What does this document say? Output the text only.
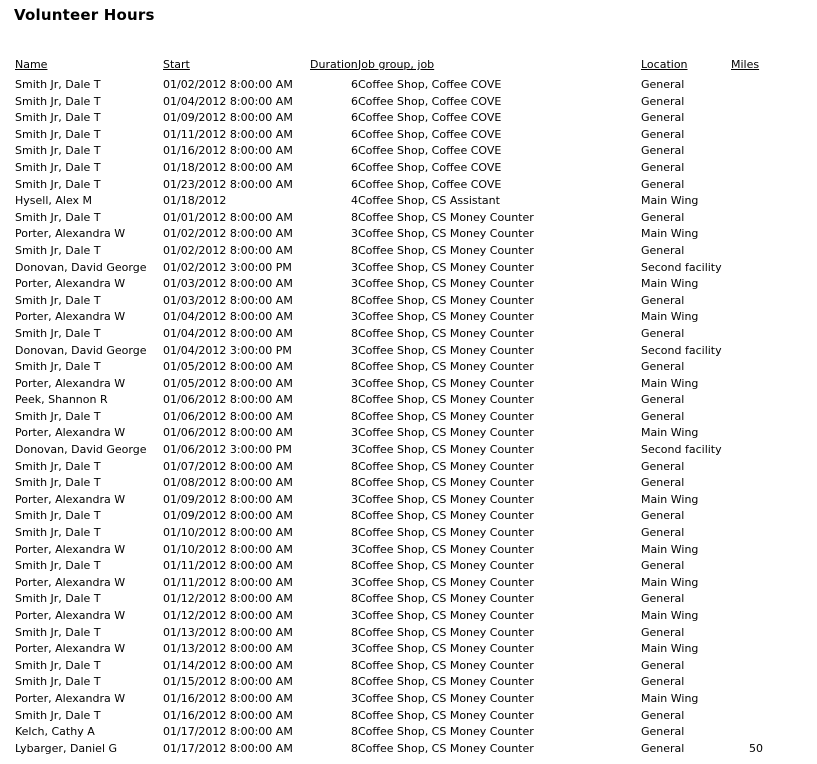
Volunteer Hours
Name	Start	Duration	Job group, job	Location	Miles
Smith Jr, Dale T	01/02/2012 8:00:00 AM	6	Coffee Shop, Coffee COVE	General	
Smith Jr, Dale T	01/04/2012 8:00:00 AM	6	Coffee Shop, Coffee COVE	General	
Smith Jr, Dale T	01/09/2012 8:00:00 AM	6	Coffee Shop, Coffee COVE	General	
Smith Jr, Dale T	01/11/2012 8:00:00 AM	6	Coffee Shop, Coffee COVE	General	
Smith Jr, Dale T	01/16/2012 8:00:00 AM	6	Coffee Shop, Coffee COVE	General	
Smith Jr, Dale T	01/18/2012 8:00:00 AM	6	Coffee Shop, Coffee COVE	General	
Smith Jr, Dale T	01/23/2012 8:00:00 AM	6	Coffee Shop, Coffee COVE	General	
Hysell, Alex M	01/18/2012	4	Coffee Shop, CS Assistant	Main Wing	
Smith Jr, Dale T	01/01/2012 8:00:00 AM	8	Coffee Shop, CS Money Counter	General	
Porter, Alexandra W	01/02/2012 8:00:00 AM	3	Coffee Shop, CS Money Counter	Main Wing	
Smith Jr, Dale T	01/02/2012 8:00:00 AM	8	Coffee Shop, CS Money Counter	General	
Donovan, David George	01/02/2012 3:00:00 PM	3	Coffee Shop, CS Money Counter	Second facility	
Porter, Alexandra W	01/03/2012 8:00:00 AM	3	Coffee Shop, CS Money Counter	Main Wing	
Smith Jr, Dale T	01/03/2012 8:00:00 AM	8	Coffee Shop, CS Money Counter	General	
Porter, Alexandra W	01/04/2012 8:00:00 AM	3	Coffee Shop, CS Money Counter	Main Wing	
Smith Jr, Dale T	01/04/2012 8:00:00 AM	8	Coffee Shop, CS Money Counter	General	
Donovan, David George	01/04/2012 3:00:00 PM	3	Coffee Shop, CS Money Counter	Second facility	
Smith Jr, Dale T	01/05/2012 8:00:00 AM	8	Coffee Shop, CS Money Counter	General	
Porter, Alexandra W	01/05/2012 8:00:00 AM	3	Coffee Shop, CS Money Counter	Main Wing	
Peek, Shannon R	01/06/2012 8:00:00 AM	8	Coffee Shop, CS Money Counter	General	
Smith Jr, Dale T	01/06/2012 8:00:00 AM	8	Coffee Shop, CS Money Counter	General	
Porter, Alexandra W	01/06/2012 8:00:00 AM	3	Coffee Shop, CS Money Counter	Main Wing	
Donovan, David George	01/06/2012 3:00:00 PM	3	Coffee Shop, CS Money Counter	Second facility	
Smith Jr, Dale T	01/07/2012 8:00:00 AM	8	Coffee Shop, CS Money Counter	General	
Smith Jr, Dale T	01/08/2012 8:00:00 AM	8	Coffee Shop, CS Money Counter	General	
Porter, Alexandra W	01/09/2012 8:00:00 AM	3	Coffee Shop, CS Money Counter	Main Wing	
Smith Jr, Dale T	01/09/2012 8:00:00 AM	8	Coffee Shop, CS Money Counter	General	
Smith Jr, Dale T	01/10/2012 8:00:00 AM	8	Coffee Shop, CS Money Counter	General	
Porter, Alexandra W	01/10/2012 8:00:00 AM	3	Coffee Shop, CS Money Counter	Main Wing	
Smith Jr, Dale T	01/11/2012 8:00:00 AM	8	Coffee Shop, CS Money Counter	General	
Porter, Alexandra W	01/11/2012 8:00:00 AM	3	Coffee Shop, CS Money Counter	Main Wing	
Smith Jr, Dale T	01/12/2012 8:00:00 AM	8	Coffee Shop, CS Money Counter	General	
Porter, Alexandra W	01/12/2012 8:00:00 AM	3	Coffee Shop, CS Money Counter	Main Wing	
Smith Jr, Dale T	01/13/2012 8:00:00 AM	8	Coffee Shop, CS Money Counter	General	
Porter, Alexandra W	01/13/2012 8:00:00 AM	3	Coffee Shop, CS Money Counter	Main Wing	
Smith Jr, Dale T	01/14/2012 8:00:00 AM	8	Coffee Shop, CS Money Counter	General	
Smith Jr, Dale T	01/15/2012 8:00:00 AM	8	Coffee Shop, CS Money Counter	General	
Porter, Alexandra W	01/16/2012 8:00:00 AM	3	Coffee Shop, CS Money Counter	Main Wing	
Smith Jr, Dale T	01/16/2012 8:00:00 AM	8	Coffee Shop, CS Money Counter	General	
Kelch, Cathy A	01/17/2012 8:00:00 AM	8	Coffee Shop, CS Money Counter	General	
Lybarger, Daniel G	01/17/2012 8:00:00 AM	8	Coffee Shop, CS Money Counter	General	50
